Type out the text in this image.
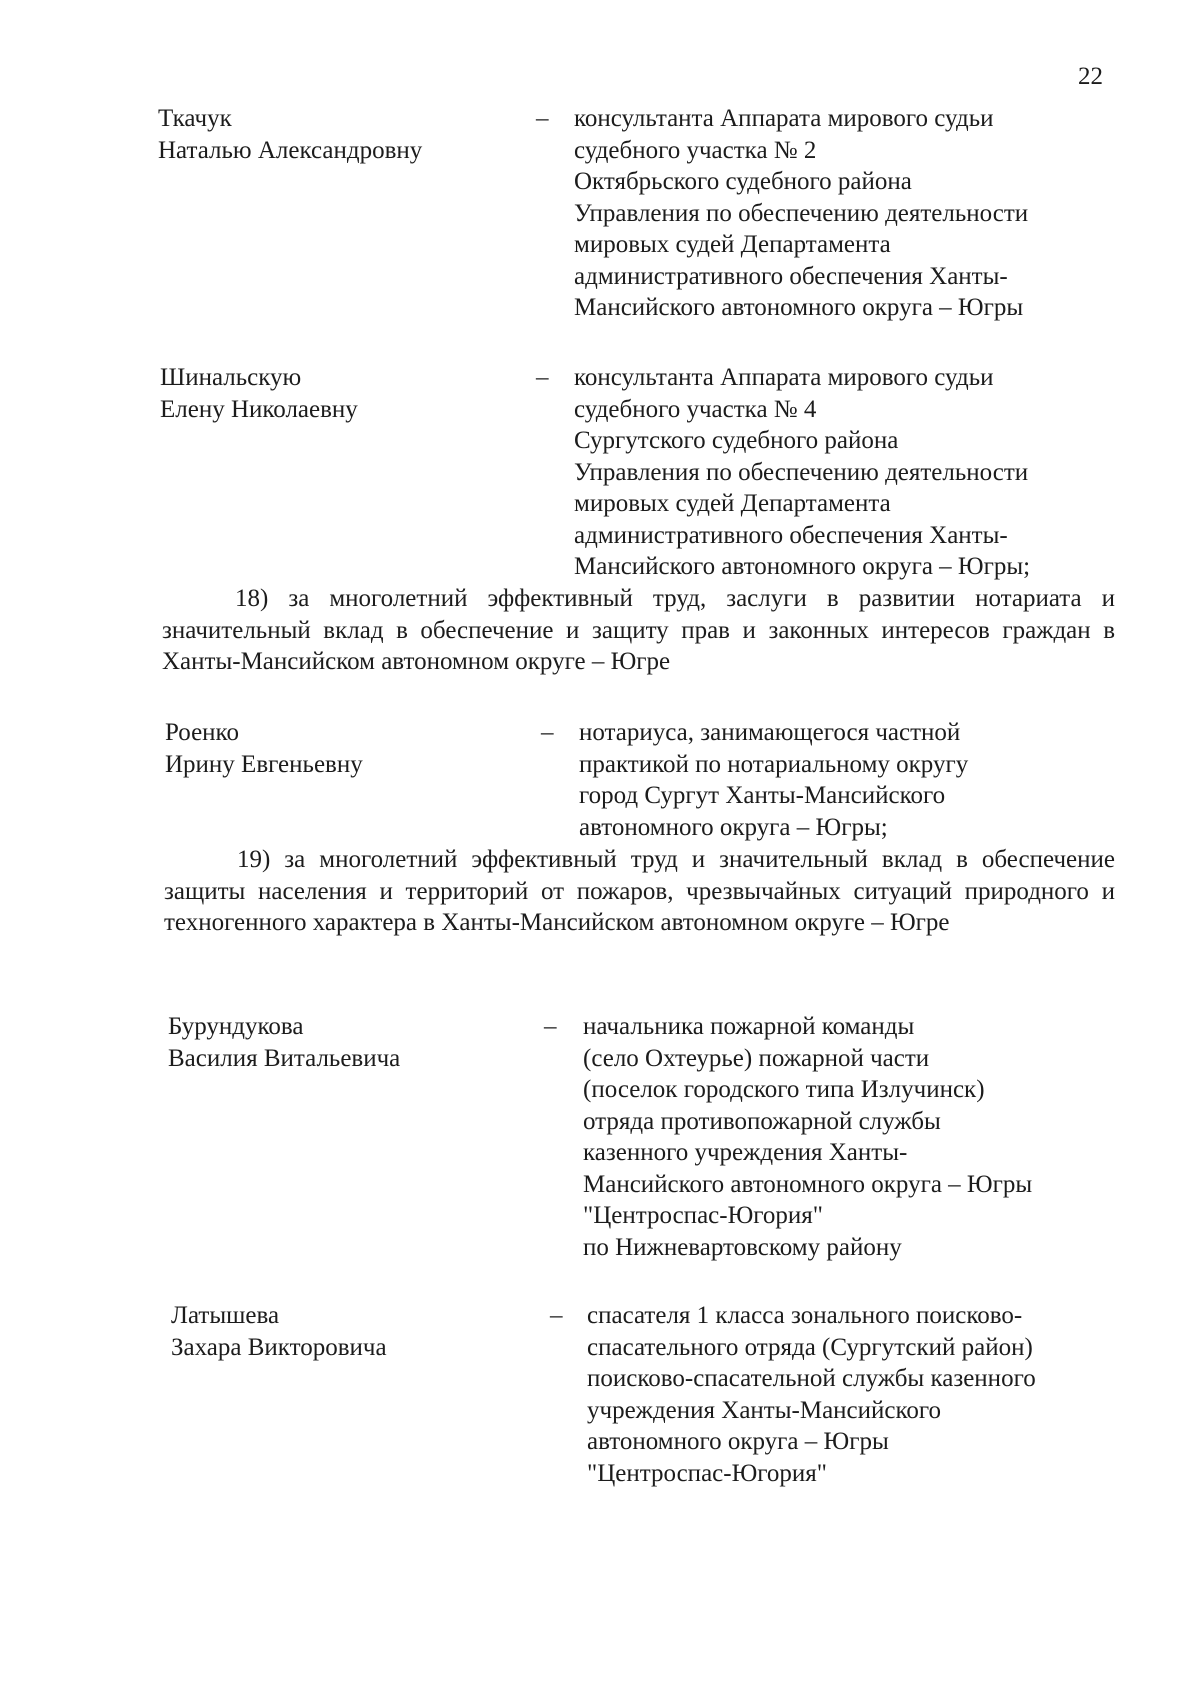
22
Ткачук
Наталью Александровну
– консультанта Аппарата мирового судьи
судебного участка № 2
Октябрьского судебного района
Управления по обеспечению деятельности
мировых судей Департамента
административного обеспечения Ханты-
Мансийского автономного округа – Югры
Шинальскую
Елену Николаевну
– консультанта Аппарата мирового судьи
судебного участка № 4
Сургутского судебного района
Управления по обеспечению деятельности
мировых судей Департамента
административного обеспечения Ханты-
Мансийского автономного округа – Югры;
18) за многолетний эффективный труд, заслуги в развитии нотариата и значительный вклад в обеспечение и защиту прав и законных интересов граждан в Ханты-Мансийском автономном округе – Югре
Роенко
Ирину Евгеньевну
– нотариуса, занимающегося частной
практикой по нотариальному округу
город Сургут Ханты-Мансийского
автономного округа – Югры;
19) за многолетний эффективный труд и значительный вклад в обеспечение защиты населения и территорий от пожаров, чрезвычайных ситуаций природного и техногенного характера в Ханты-Мансийском автономном округе – Югре
Бурундукова
Василия Витальевича
– начальника пожарной команды
(село Охтеурье) пожарной части
(поселок городского типа Излучинск)
отряда противопожарной службы
казенного учреждения Ханты-
Мансийского автономного округа – Югры
"Центроспас-Югория"
по Нижневартовскому району
Латышева
Захара Викторовича
– спасателя 1 класса зонального поисково-
спасательного отряда (Сургутский район)
поисково-спасательной службы казенного
учреждения Ханты-Мансийского
автономного округа – Югры
"Центроспас-Югория"
